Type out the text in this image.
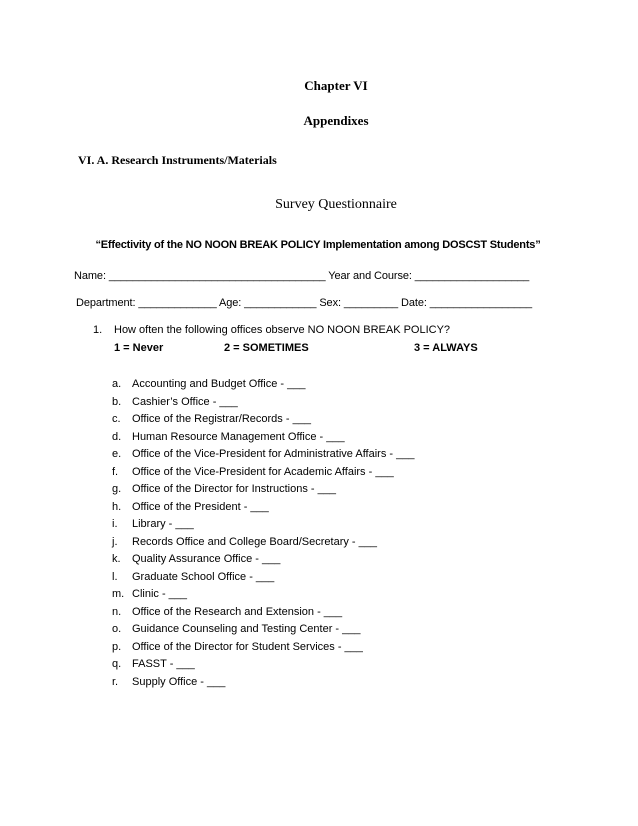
Chapter VI
Appendixes
VI. A. Research Instruments/Materials
Survey Questionnaire
“Effectivity of the NO NOON BREAK POLICY Implementation among DOSCST Students”
Name: ____________________________________ Year and Course: ___________________
Department: _____________ Age: ____________ Sex: _________ Date: _________________
1. How often the following offices observe NO NOON BREAK POLICY?
1 = Never	2 = SOMETIMES	3 = ALWAYS
a. Accounting and Budget Office - ___
b. Cashier’s Office - ___
c.	Office of the Registrar/Records - ___
d. Human Resource Management Office - ___
e. Office of the Vice-President for Administrative Affairs - ___
f.	Office of the Vice-President for Academic Affairs - ___
g. Office of the Director for Instructions - ___
h. Office of the President - ___
i.	Library - ___
j.	Records Office and College Board/Secretary - ___
k.	Quality Assurance Office - ___
l.	Graduate School Office - ___
m. Clinic - ___
n. Office of the Research and Extension - ___
o. Guidance Counseling and Testing Center - ___
p. Office of the Director for Student Services - ___
q. FASST - ___
r.	Supply Office - ___
